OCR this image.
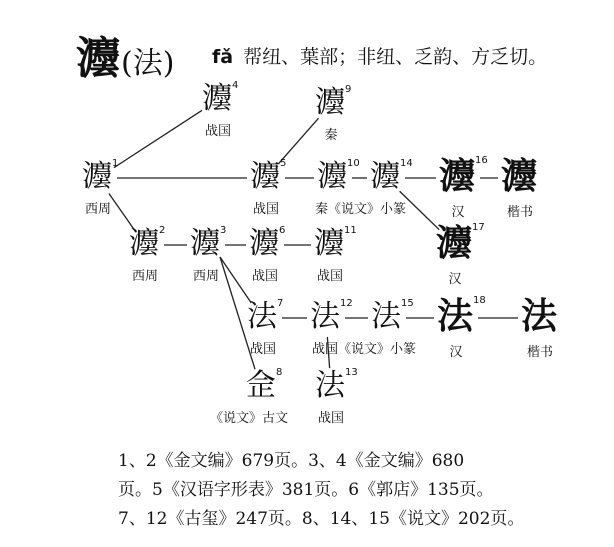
灋(法) fǎ 帮纽、葉部；非纽、乏韵、方乏切。
灋 1
西周
灋 2
西周
灋 3
西周
灋 4
战国
灋 5
战国
灋 6
战国
法 7
战国
佱 8
《说文》古文
灋 9
秦
灋 10
秦《说文》小篆
灋 11
战国
法 12
战国《说文》小篆
法 13
战国
灋 14
法 15
灋 16
汉
灋 17
汉
法 18
汉
灋
楷书
法
楷书
1、2《金文编》679页。3、4《金文编》680
页。5《汉语字形表》381页。6《郭店》135页。
7、12《古玺》247页。8、14、15《说文》202页。
